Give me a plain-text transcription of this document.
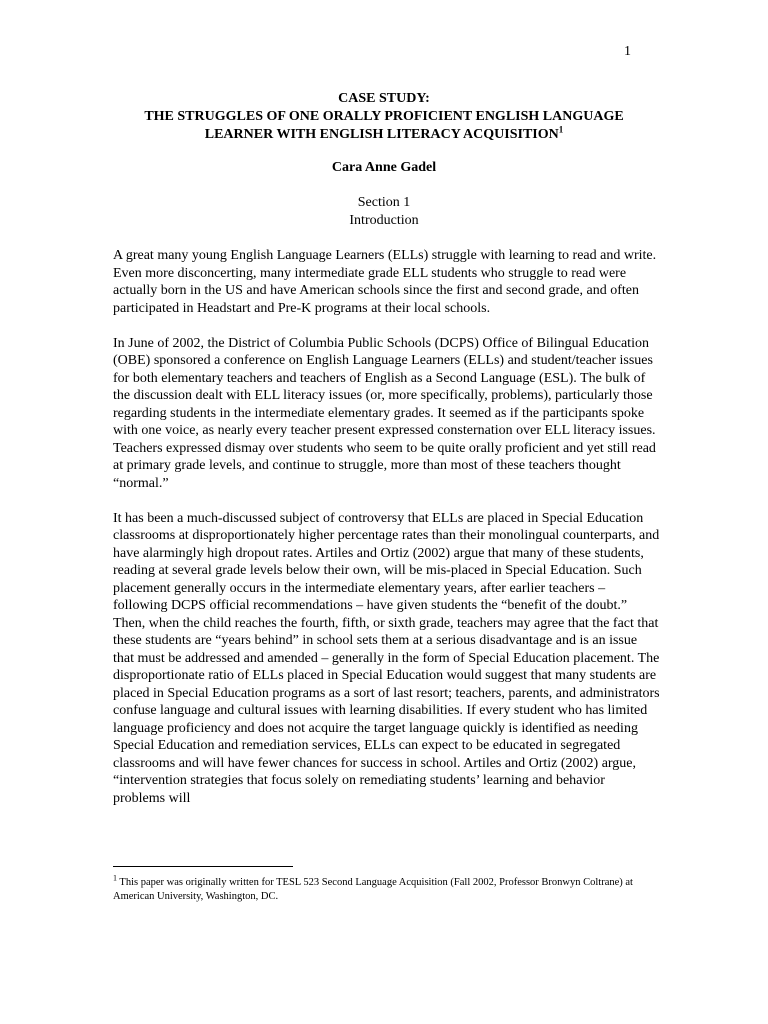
1
CASE STUDY:
THE STRUGGLES OF ONE ORALLY PROFICIENT ENGLISH LANGUAGE
LEARNER WITH ENGLISH LITERACY ACQUISITION$^1$
Cara Anne Gadel
Section 1
Introduction

A great many young English Language Learners (ELLs) struggle with learning to read and write. Even more disconcerting, many intermediate grade ELL students who struggle to read were actually born in the US and have American schools since the first and second grade, and often participated in Headstart and Pre-K programs at their local schools.

In June of 2002, the District of Columbia Public Schools (DCPS) Office of Bilingual Education (OBE) sponsored a conference on English Language Learners (ELLs) and student/teacher issues for both elementary teachers and teachers of English as a Second Language (ESL). The bulk of the discussion dealt with ELL literacy issues (or, more specifically, problems), particularly those regarding students in the intermediate elementary grades. It seemed as if the participants spoke with one voice, as nearly every teacher present expressed consternation over ELL literacy issues. Teachers expressed dismay over students who seem to be quite orally proficient and yet still read at primary grade levels, and continue to struggle, more than most of these teachers thought “normal.”

It has been a much-discussed subject of controversy that ELLs are placed in Special Education classrooms at disproportionately higher percentage rates than their monolingual counterparts, and have alarmingly high dropout rates. Artiles and Ortiz (2002) argue that many of these students, reading at several grade levels below their own, will be mis-placed in Special Education. Such placement generally occurs in the intermediate elementary years, after earlier teachers – following DCPS official recommendations – have given students the “benefit of the doubt.” Then, when the child reaches the fourth, fifth, or sixth grade, teachers may agree that the fact that these students are “years behind” in school sets them at a serious disadvantage and is an issue that must be addressed and amended – generally in the form of Special Education placement. The disproportionate ratio of ELLs placed in Special Education would suggest that many students are placed in Special Education programs as a sort of last resort; teachers, parents, and administrators confuse language and cultural issues with learning disabilities. If every student who has limited language proficiency and does not acquire the target language quickly is identified as needing Special Education and remediation services, ELLs can expect to be educated in segregated classrooms and will have fewer chances for success in school. Artiles and Ortiz (2002) argue, “intervention strategies that focus solely on remediating students’ learning and behavior problems will

$^1$ This paper was originally written for TESL 523 Second Language Acquisition (Fall 2002, Professor Bronwyn Coltrane) at American University, Washington, DC.
